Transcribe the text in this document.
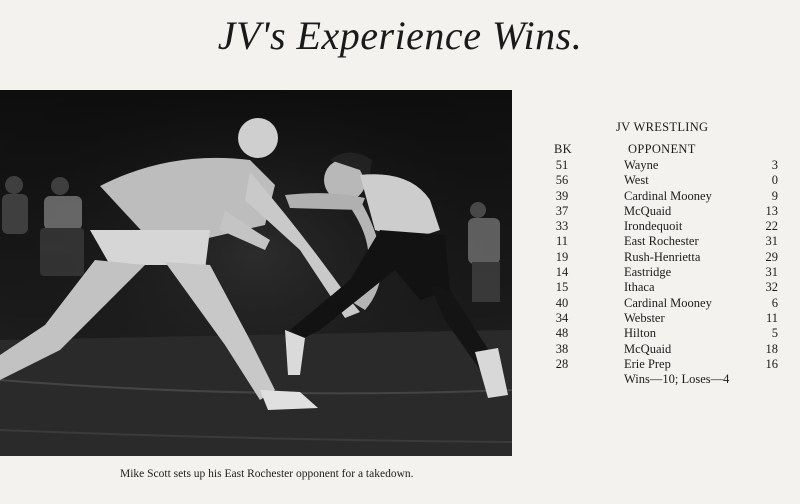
JV's Experience Wins.
Mike Scott sets up his East Rochester opponent for a takedown.
JV WRESTLING
BK	OPPONENT
51	Wayne	3
56	West	0
39	Cardinal Mooney	9
37	McQuaid	13
33	Irondequoit	22
11	East Rochester	31
19	Rush-Henrietta	29
14	Eastridge	31
15	Ithaca	32
40	Cardinal Mooney	6
34	Webster	11
48	Hilton	5
38	McQuaid	18
28	Erie Prep	16
Wins—10; Loses—4
